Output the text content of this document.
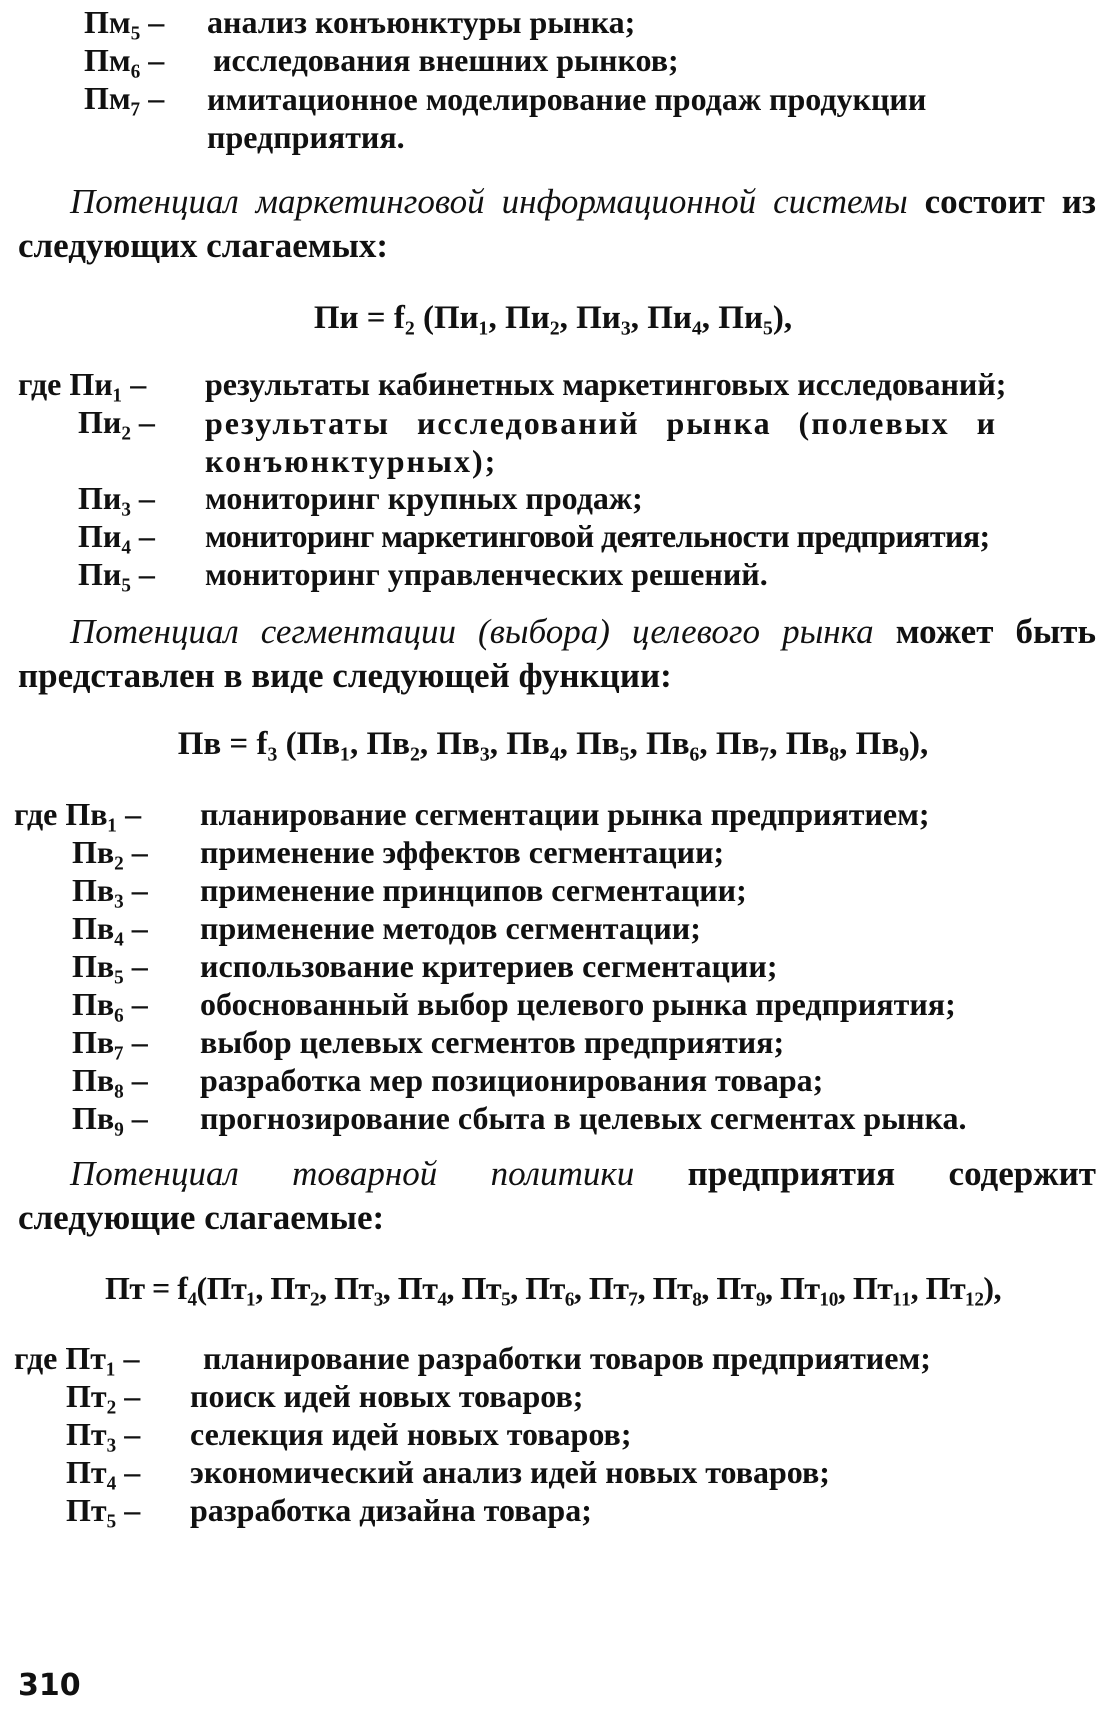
Пм₅ – анализ конъюнктуры рынка;
Пм₆ – исследования внешних рынков;
Пм₇ – имитационное моделирование продаж продукции предприятия.
Потенциал маркетинговой информационной системы состоит из следующих слагаемых:
Пи = f₂ (Пи₁, Пи₂, Пи₃, Пи₄, Пи₅),
где Пи₁ – результаты кабинетных маркетинговых исследований;
Пи₂ – результаты исследований рынка (полевых и конъюнктурных);
Пи₃ – мониторинг крупных продаж;
Пи₄ – мониторинг маркетинговой деятельности предприятия;
Пи₅ – мониторинг управленческих решений.
Потенциал сегментации (выбора) целевого рынка может быть представлен в виде следующей функции:
Пв = f₃ (Пв₁, Пв₂, Пв₃, Пв₄, Пв₅, Пв₆, Пв₇, Пв₈, Пв₉),
где Пв₁ – планирование сегментации рынка предприятием;
Пв₂ – применение эффектов сегментации;
Пв₃ – применение принципов сегментации;
Пв₄ – применение методов сегментации;
Пв₅ – использование критериев сегментации;
Пв₆ – обоснованный выбор целевого рынка предприятия;
Пв₇ – выбор целевых сегментов предприятия;
Пв₈ – разработка мер позиционирования товара;
Пв₉ – прогнозирование сбыта в целевых сегментах рынка.
Потенциал товарной политики предприятия содержит следующие слагаемые:
Пт = f₄(Пт₁, Пт₂, Пт₃, Пт₄, Пт₅, Пт₆, Пт₇, Пт₈, Пт₉, Пт₁₀, Пт₁₁, Пт₁₂),
где Пт₁ – планирование разработки товаров предприятием;
Пт₂ – поиск идей новых товаров;
Пт₃ – селекция идей новых товаров;
Пт₄ – экономический анализ идей новых товаров;
Пт₅ – разработка дизайна товара;
310
